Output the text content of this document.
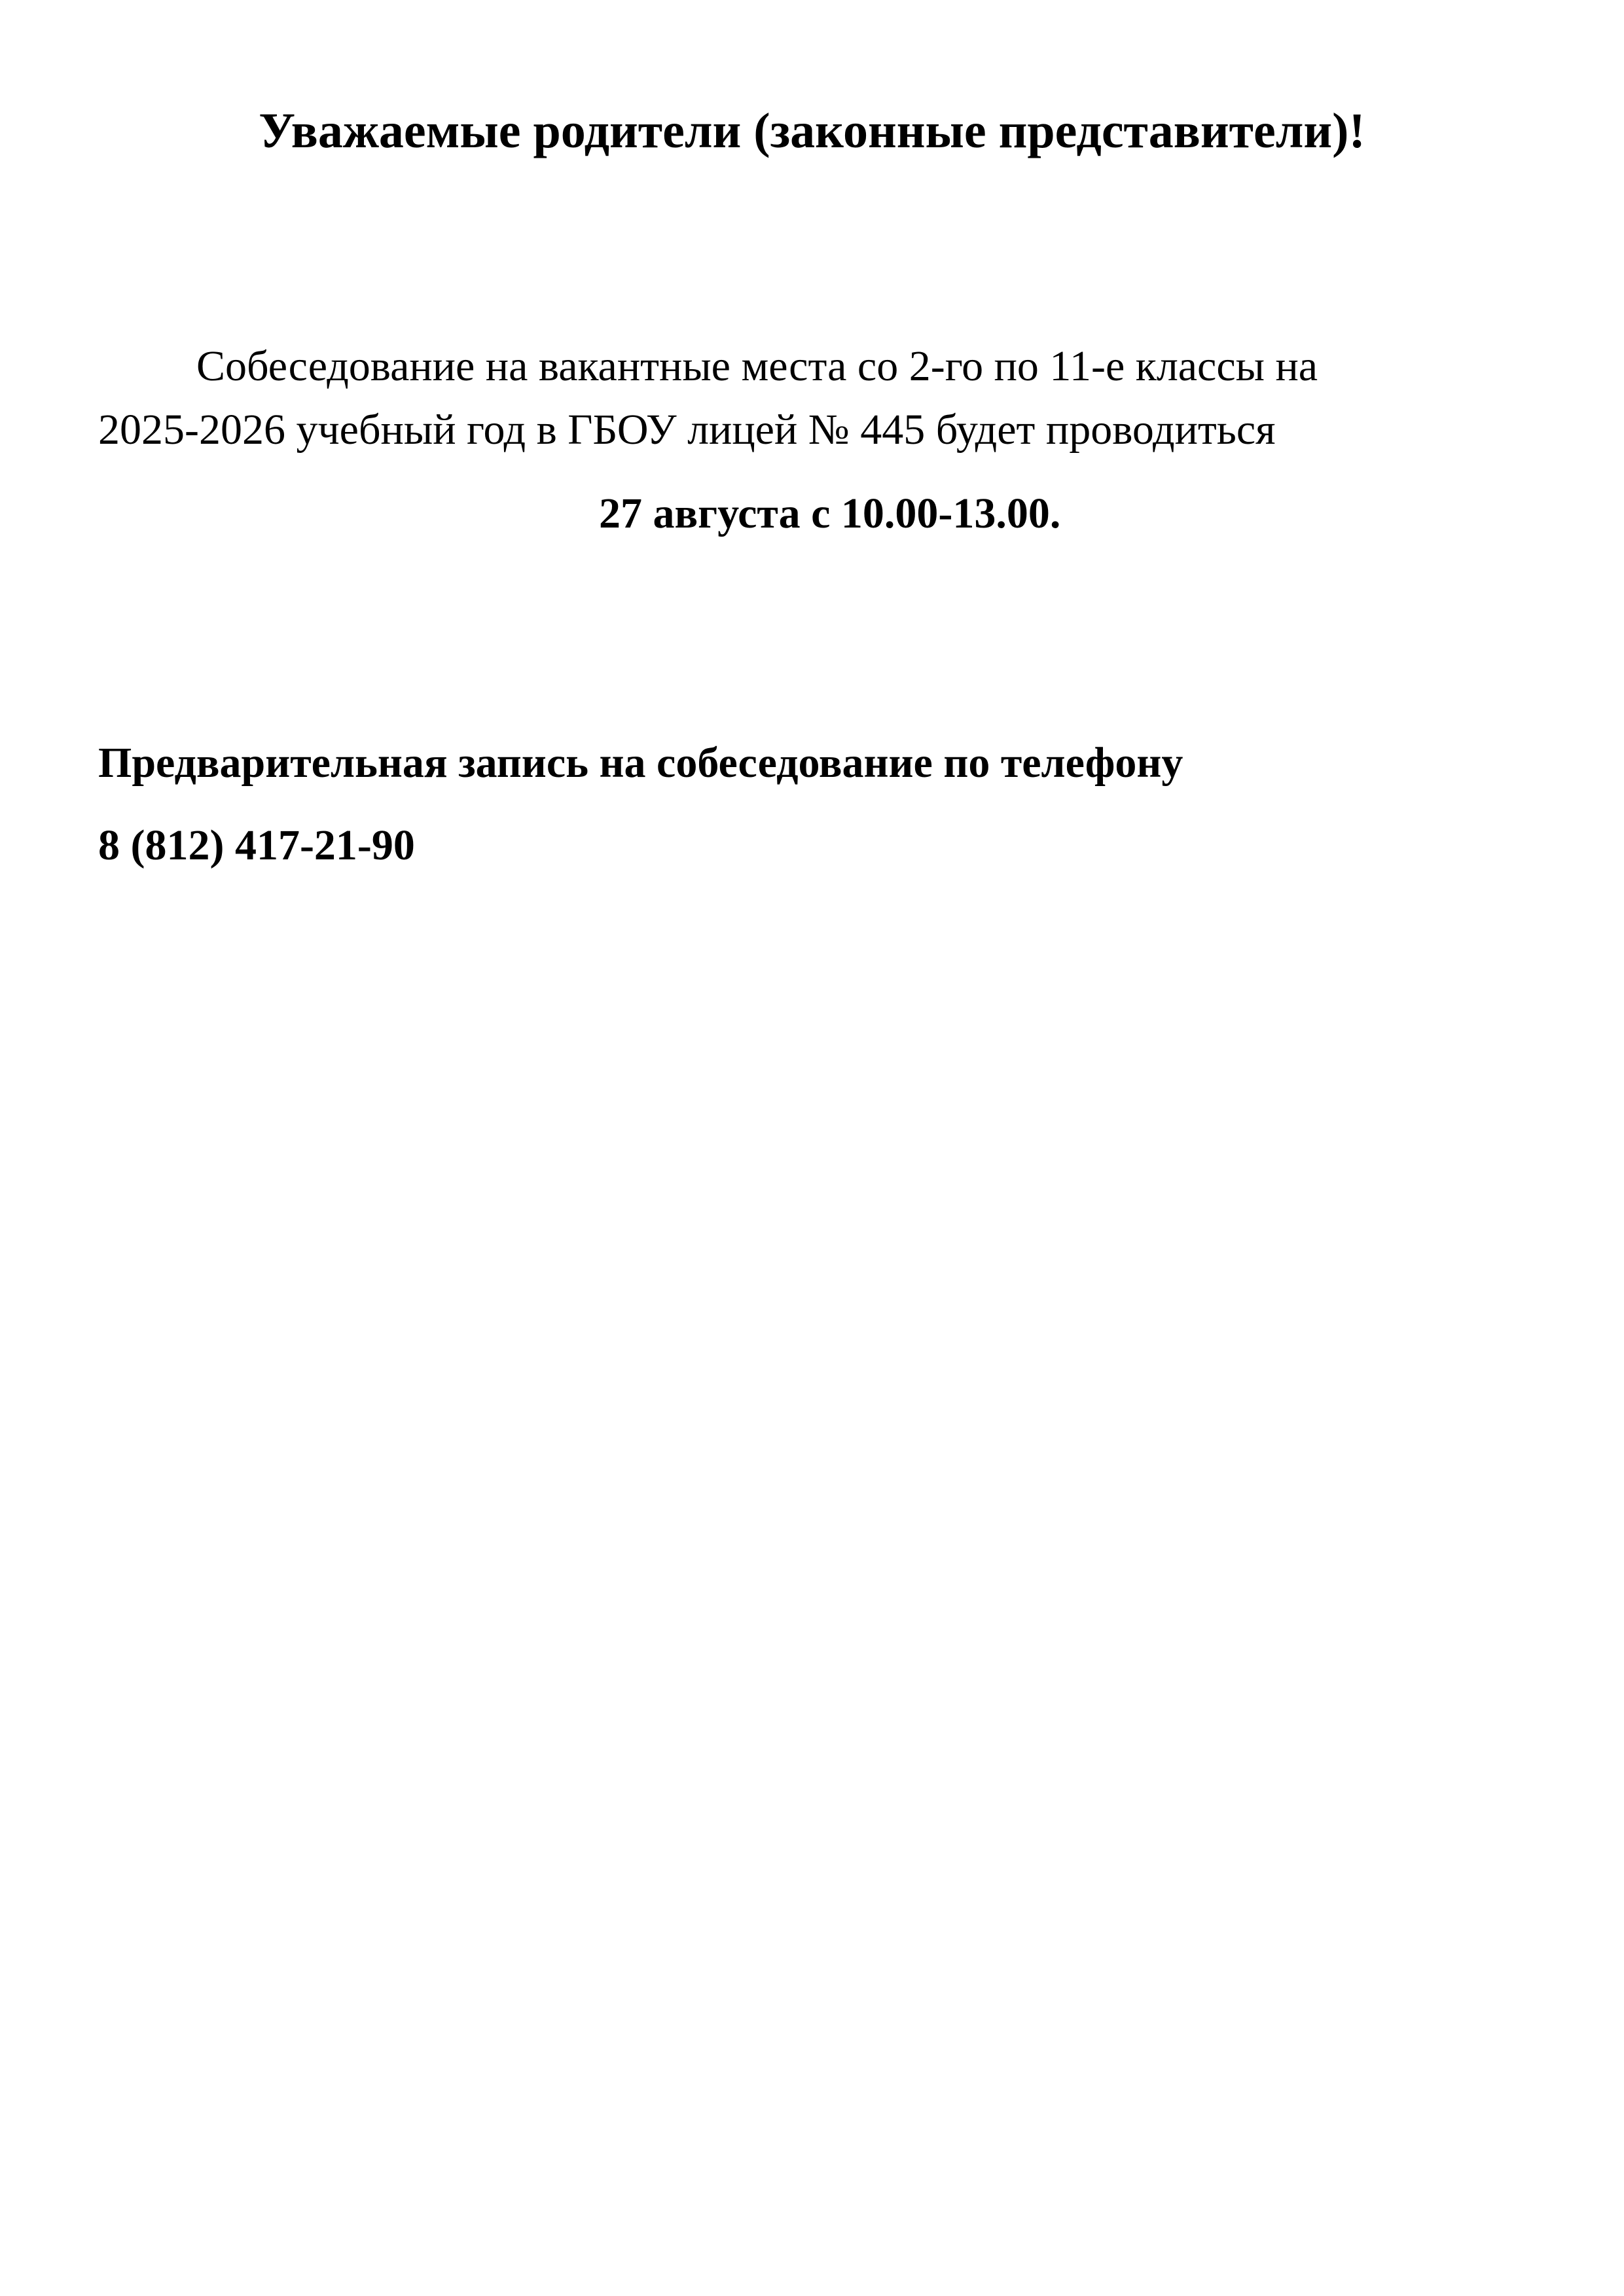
Уважаемые родители (законные представители)!
Собеседование на вакантные места со 2-го по 11-е классы на
2025-2026 учебный год в ГБОУ лицей № 445 будет проводиться
27 августа с 10.00-13.00.
Предварительная запись на собеседование по телефону
8 (812) 417-21-90
